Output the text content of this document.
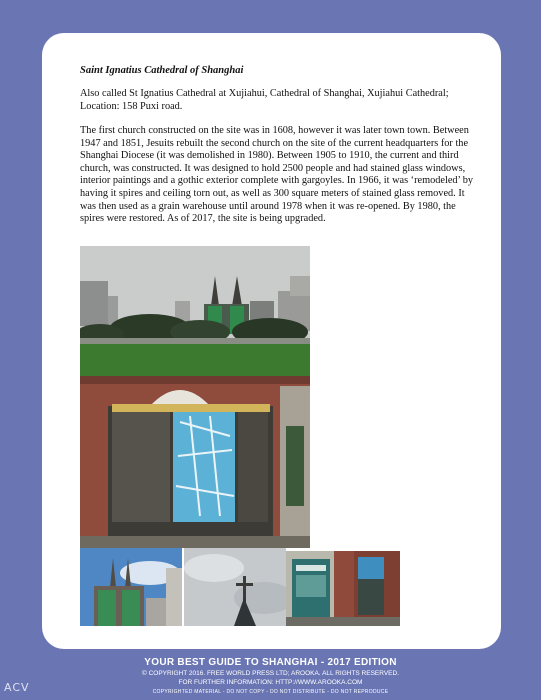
Saint Ignatius Cathedral of Shanghai
Also called St Ignatius Cathedral at Xujiahui, Cathedral of Shanghai, Xujiahui Cathedral; Location: 158 Puxi road.
The first church constructed on the site was in 1608, however it was later town town. Between 1947 and 1851, Jesuits rebuilt the second church on the site of the current headquarters for the Shanghai Diocese (it was demolished in 1980). Between 1905 to 1910, the current and third church, was constructed. It was designed to hold 2500 people and had stained glass windows, interior paintings and a gothic exterior complete with gargoyles. In 1966, it was ‘remodeled’ by having it spires and ceiling torn out, as well as 300 square meters of stained glass removed. It was then used as a grain warehouse until around 1978 when it was re-opened. By 1980, the spires were restored. As of 2017, the site is being upgraded.
YOUR BEST GUIDE TO SHANGHAI - 2017 EDITION
© COPYRIGHT 2016. FREE WORLD PRESS LTD; AROOKA. ALL RIGHTS RESERVED.
FOR FURTHER INFORMATION: HTTP://WWW.AROOKA.COM
COPYRIGHTED MATERIAL - DO NOT COPY - DO NOT DISTRIBUTE - DO NOT REPRODUCE
ACV
